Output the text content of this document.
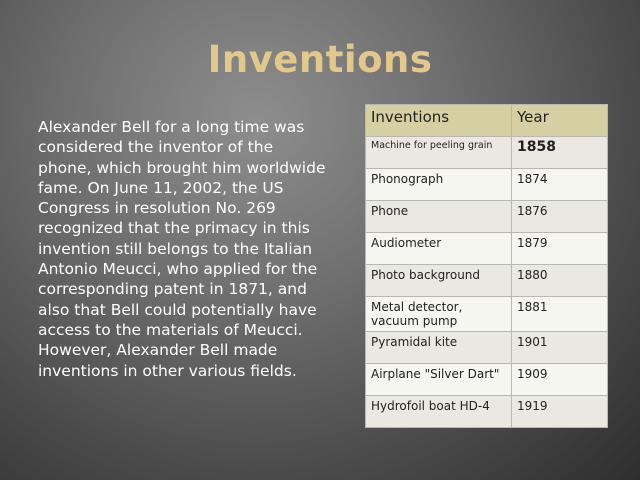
Inventions

Alexander Bell for a long time was considered the inventor of the phone, which brought him worldwide fame. On June 11, 2002, the US Congress in resolution No. 269 recognized that the primacy in this invention still belongs to the Italian Antonio Meucci, who applied for the corresponding patent in 1871, and also that Bell could potentially have access to the materials of Meucci. However, Alexander Bell made inventions in other various fields.

Inventions	Year
Machine for peeling grain	1858
Phonograph	1874
Phone	1876
Audiometer	1879
Photo background	1880
Metal detector, vacuum pump	1881
Pyramidal kite	1901
Airplane "Silver Dart"	1909
Hydrofoil boat HD-4	1919
